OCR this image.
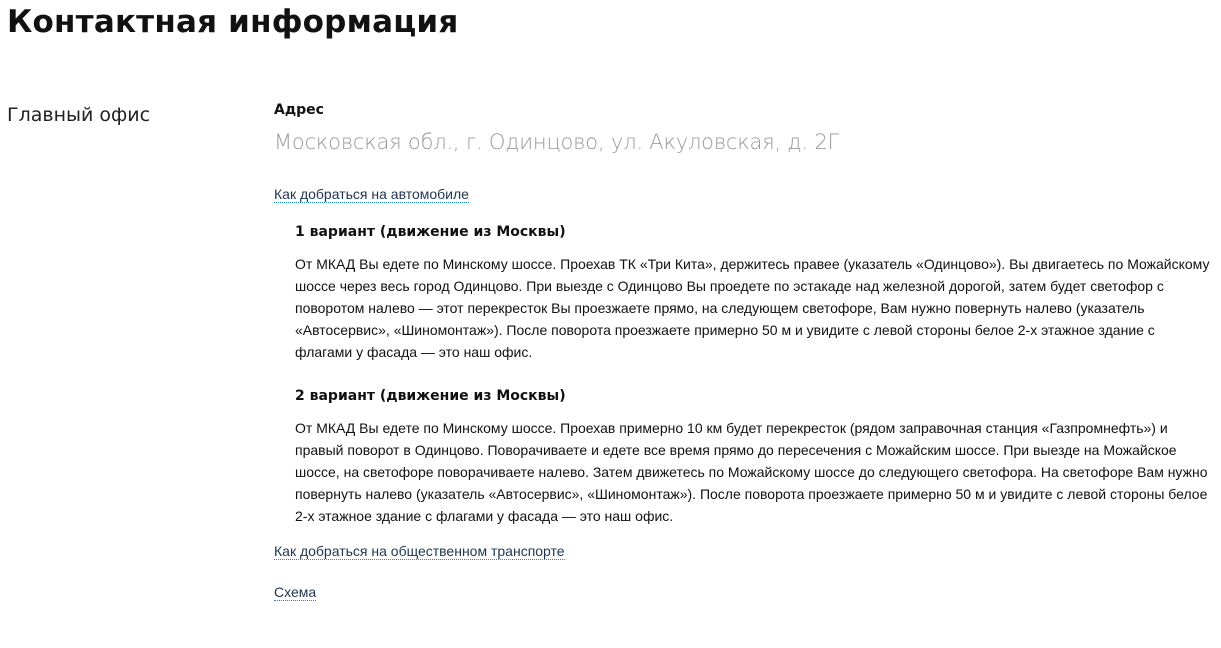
Контактная информация
Главный офис	Адрес
Московская обл., г. Одинцово, ул. Акуловская, д. 2Г
Как добраться на автомобиле
1 вариант (движение из Москвы)

От МКАД Вы едете по Минскому шоссе. Проехав ТК «Три Кита», держитесь правее (указатель «Одинцово»). Вы двигаетесь по Можайскому шоссе через весь город Одинцово. При выезде с Одинцово Вы проедете по эстакаде над железной дорогой, затем будет светофор с поворотом налево — этот перекресток Вы проезжаете прямо, на следующем светофоре, Вам нужно повернуть налево (указатель «Автосервис», «Шиномонтаж»). После поворота проезжаете примерно 50 м и увидите с левой стороны белое 2-х этажное здание с флагами у фасада — это наш офис.

2 вариант (движение из Москвы)

От МКАД Вы едете по Минскому шоссе. Проехав примерно 10 км будет перекресток (рядом заправочная станция «Газпромнефть») и правый поворот в Одинцово. Поворачиваете и едете все время прямо до пересечения с Можайским шоссе. При выезде на Можайское шоссе, на светофоре поворачиваете налево. Затем движетесь по Можайскому шоссе до следующего светофора. На светофоре Вам нужно повернуть налево (указатель «Автосервис», «Шиномонтаж»). После поворота проезжаете примерно 50 м и увидите с левой стороны белое 2-х этажное здание с флагами у фасада — это наш офис.

Как добраться на общественном транспорте
Схема
